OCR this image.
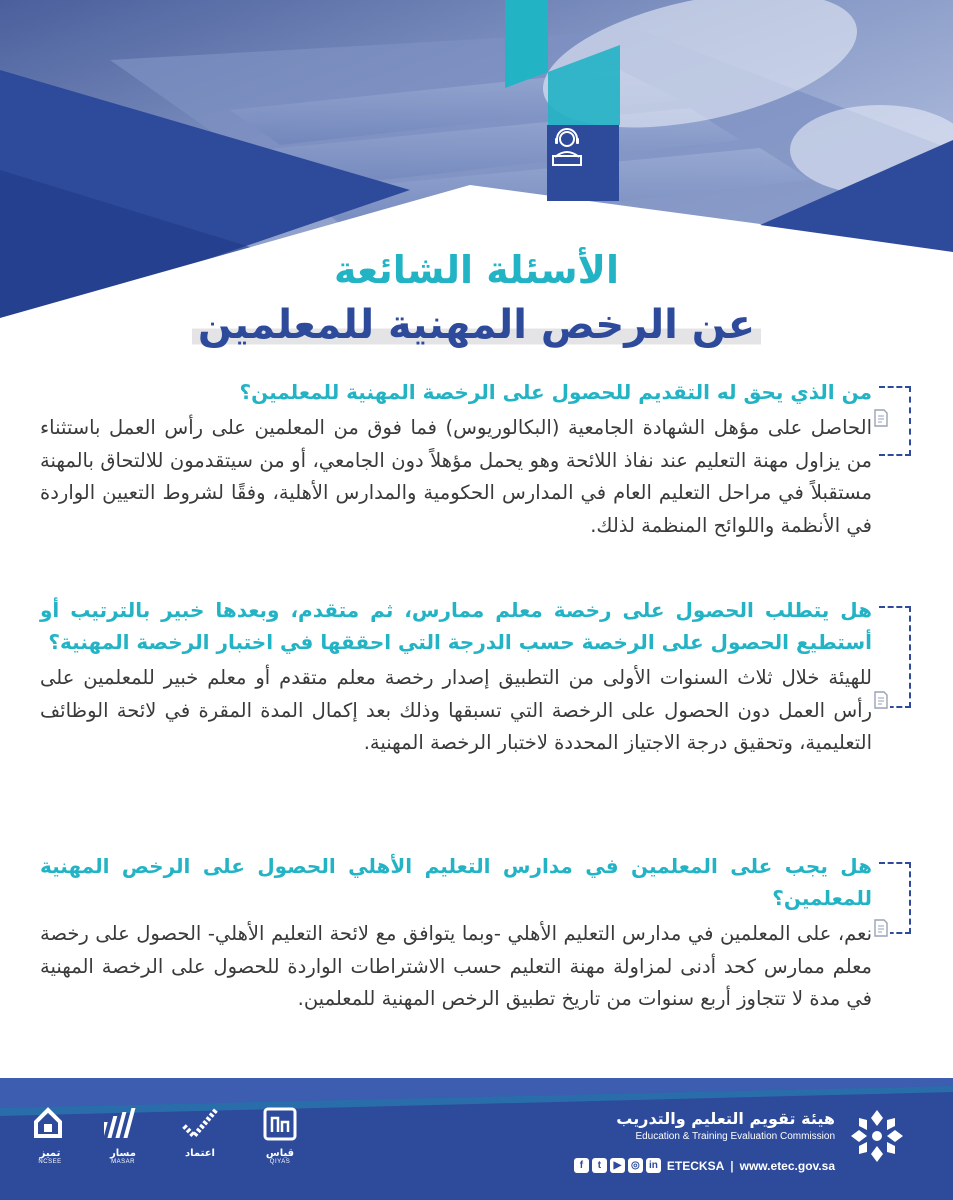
الأسئلة الشائعة
عن الرخص المهنية للمعلمين

من الذي يحق له التقديم للحصول على الرخصة المهنية للمعلمين؟

الحاصل على مؤهل الشهادة الجامعية (البكالوريوس) فما فوق من المعلمين على رأس العمل باستثناء من يزاول مهنة التعليم عند نفاذ اللائحة وهو يحمل مؤهلاً دون الجامعي، أو من سيتقدمون للالتحاق بالمهنة مستقبلاً في مراحل التعليم العام في المدارس الحكومية والمدارس الأهلية، وفقًا لشروط التعيين الواردة في الأنظمة واللوائح المنظمة لذلك.

هل يتطلب الحصول على رخصة معلم ممارس، ثم متقدم، وبعدها خبير بالترتيب أو أستطيع الحصول على الرخصة حسب الدرجة التي احققها في اختبار الرخصة المهنية؟

للهيئة خلال ثلاث السنوات الأولى من التطبيق إصدار رخصة معلم متقدم أو معلم خبير للمعلمين على رأس العمل دون الحصول على الرخصة التي تسبقها وذلك بعد إكمال المدة المقرة في لائحة الوظائف التعليمية، وتحقيق درجة الاجتياز المحددة لاختبار الرخصة المهنية.

هل يجب على المعلمين في مدارس التعليم الأهلي الحصول على الرخص المهنية للمعلمين؟

نعم، على المعلمين في مدارس التعليم الأهلي -وبما يتوافق مع لائحة التعليم الأهلي- الحصول على رخصة معلم ممارس كحد أدنى لمزاولة مهنة التعليم حسب الاشتراطات الواردة للحصول على الرخصة المهنية في مدة لا تتجاوز أربع سنوات من تاريخ تطبيق الرخص المهنية للمعلمين.

هيئة تقويم التعليم والتدريب

Education & Training Evaluation Commission

f	t	▶ ◎ in ETECKSA | www.etec.gov.sa
قياس
QIYAS
اعتماد
مسار
MASAR
تميز
NCSEE
